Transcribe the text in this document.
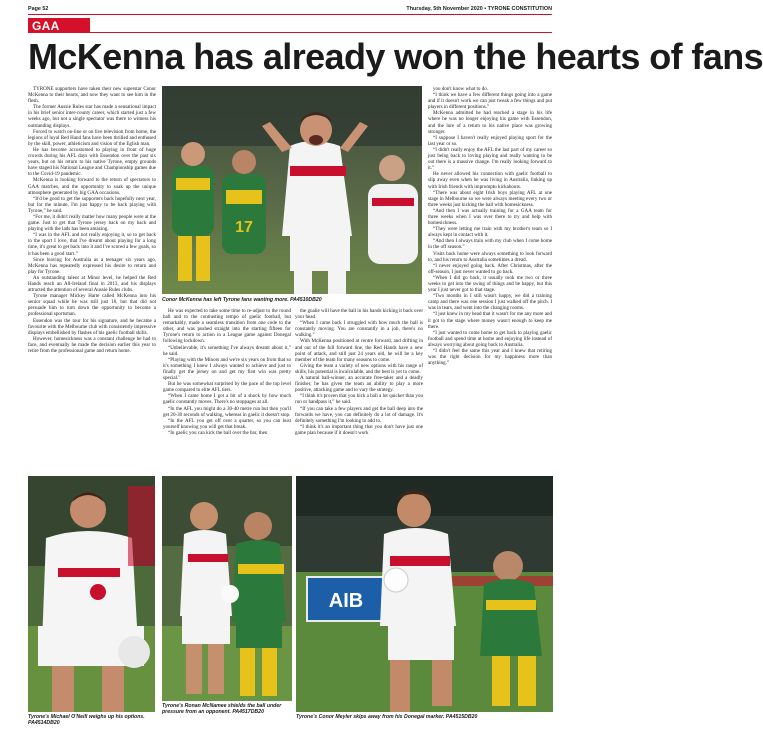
Page 52	Thursday, 5th November 2020 • TYRONE CONSTITUTION
GAA
McKenna has already won the hearts of fans

TYRONE supporters have taken their new superstar Conor McKenna to their hearts, and now they want to see him in the flesh.

The former Aussie Rules star has made a sensational impact in his brief senior inter-county career, which started just a few weeks ago, but not a single spectator was there to witness his outstanding displays.

Forced to watch on-line or on live television from home, the legions of loyal Red Hand fans have been thrilled and enthused by the skill, power, athleticism and vision of the Eglish man.

He has become accustomed to playing in front of huge crowds during his AFL days with Essendon over the past six years, but on his return to his native Tyrone, empty grounds have staged his National League and Championship games due to the Covid-19 pandemic.

McKenna is looking forward to the return of spectators to GAA matches, and the opportunity to soak up the unique atmosphere generated by big GAA occasions.

“It'd be good to get the supporters back hopefully next year, but for the minute, I'm just happy to be back playing with Tyrone,” he said.

“For me, it didn't really matter how many people were at the game. Just to get that Tyrone jersey back on my back and playing with the lads has been amazing.

“I was in the AFL and not really enjoying it, so to get back to the sport I love, that I've dreamt about playing for a long time, it's great to get back into it and I've scored a few goals, so it has been a good start.”

Since leaving for Australia as a teenager six years ago, McKenna has repeatedly expressed his desire to return and play for Tyrone.

An outstanding talent at Minor level, he helped the Red Hands reach an All-Ireland final in 2013, and his displays attracted the attention of several Aussie Rules clubs.

Tyrone manager Mickey Harte called McKenna into his senior squad while he was still just 18, but that did not persuade him to turn down the opportunity to become a professional sportsman.

Essendon was the tour for his signature, and he became a favourite with the Melbourne club with consistently impressive displays embellished by flashes of his gaelic football skills.

However, homesickness was a constant challenge he had to face, and eventually he made the decision earlier this year to retire from the professional game and return home.

He was expected to take some time to re-adjust to the round ball and to the contrasting tempo of gaelic football, but remarkably, made a seamless transition from one code to the other, and was pushed straight into the starting fifteen for Tyrone's return to action in a League game against Donegal following lockdown.

“Unbelievable, it's something I've always dreamt about it,” he said.

“Playing with the Minors and we're six years on from that so it's something I knew I always wanted to achieve and just to finally get the jersey on and get my first win was pretty special.”

But he was somewhat surprised by the pace of the top level game compared to elite AFL tiers.

“When I came home I got a bit of a shock by how much gaelic constantly moves. There's no stoppages at all.

“In the AFL you might do a 30-40 metre run but then you'll get 20-30 seconds of walking, whereas in gaelic it doesn't stop.

“In the AFL you get off over a quarter, so you can bust yourself knowing you will get that break.

“In gaelic you can kick the ball over the bar, then

the goalie will have the ball in his hands kicking it back over your head.

“When I came back I struggled with how much the ball is constantly moving. You are constantly in a job, there's no walking.”

With McKenna positioned at centre forward, and drifting in and out of the full forward line, the Red Hands have a new point of attack, and still just 24 years old, he will be a key member of the team for many seasons to come.

Giving the team a variety of new options with his range of skills, his potential is incalculable, and the best is yet to come.

A natural ball-winner, an accurate free-taker and a deadly finisher, he has given the team an ability to play a more positive, attacking game and to vary the strategy.

“I think it's proven that you kick a ball a lot quicker than you run or handpass it,” he said.

“If you can take a few players and get the ball deep into the forwards we have, you can definitely do a lot of damage. It's definitely something I'm looking to add to.

“I think it's an important thing that you don't have just one game plan because if it doesn't work

you don't know what to do.

“I think we have a few different things going into a game and if it doesn't work we can just tweak a few things and put players in different positions.”

McKenna admitted he had reached a stage in his life where he was no longer enjoying his game with Essendon, and the lure of a return to his native place was growing stronger.

“I suppose I haven't really enjoyed playing sport for the last year or so.

“I didn't really enjoy the AFL the last part of my career so just being back to loving playing and really wanting to be out there is a massive change. I'm really looking forward to it.”

He never allowed his connection with gaelic football to slip away even when he was living in Australia, linking up with Irish friends with impromptu kickabouts.

“There was about eight Irish boys playing AFL at one stage in Melbourne so we were always meeting every two or three weeks just kicking the ball with homesickness.

“And then I was actually training for a GAA team for three weeks when I was over there to try and help with homesickness.

“They were letting me train with my brother's team so I always kept in contact with it.

“And then I always train with my club when I come home in the off season.”

Visits back home were always something to look forward to, and his return to Australia sometimes a dread.

“I never enjoyed going back. After Christmas, after the off-season, I just never wanted to go back.

“When I did go back, it usually took me two or three weeks to get into the swing of things and be happy, but this year I just never got to that stage.

“Two months in I still wasn't happy, we did a training camp and there was one session I just walked off the pitch. I was in tears, and went into the changing rooms.

“I just knew in my head that it wasn't for me any more and it got to the stage where money wasn't enough to keep me there.

“I just wanted to come home to get back to playing gaelic football and spend time at home and enjoying life instead of always worrying about going back to Australia.

“I didn't feel the same this year and I knew that retiring was the right decision for my happiness more than anything.”

17
Conor McKenna has left Tyrone fans wanting more. PA4510DB20
Tyrone's Michael O'Neill weighs up his options. PA4514DB20
Tyrone's Ronan McNamee shields the ball under pressure from an opponent. PA4517DB20
AIB
Tyrone's Conor Meyler skips away from his Donegal marker. PA4515DB20
